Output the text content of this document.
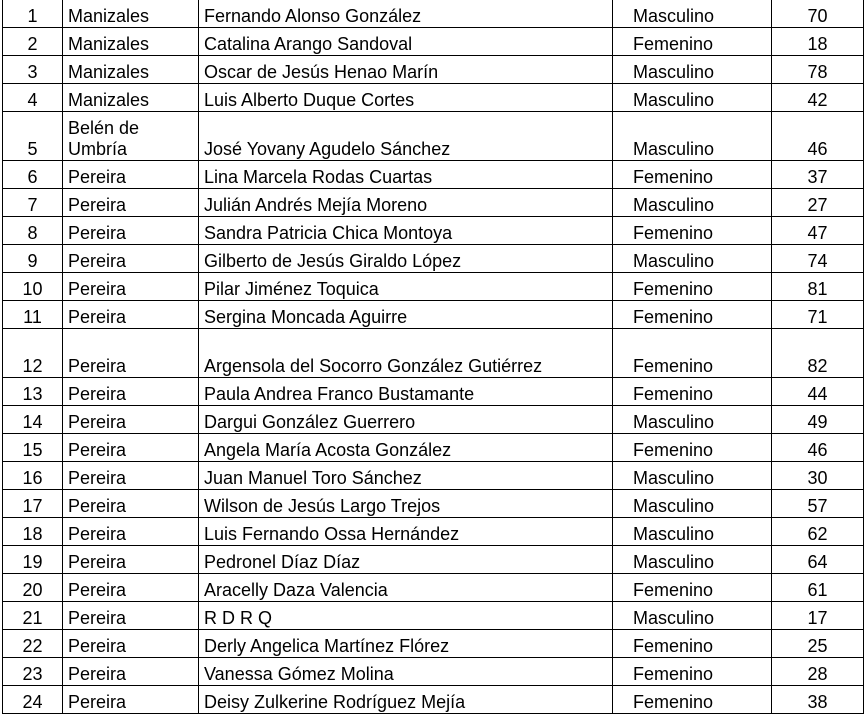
1	Manizales	Fernando Alonso González	Masculino	70
2	Manizales	Catalina Arango Sandoval	Femenino	18
3	Manizales	Oscar de Jesús Henao Marín	Masculino	78
4	Manizales	Luis Alberto Duque Cortes	Masculino	42
5	Belén de Umbría	José Yovany Agudelo Sánchez	Masculino	46
6	Pereira	Lina Marcela Rodas Cuartas	Femenino	37
7	Pereira	Julián Andrés Mejía Moreno	Masculino	27
8	Pereira	Sandra Patricia Chica Montoya	Femenino	47
9	Pereira	Gilberto de Jesús Giraldo López	Masculino	74
10	Pereira	Pilar Jiménez Toquica	Femenino	81
11	Pereira	Sergina Moncada Aguirre	Femenino	71
12	Pereira	Argensola del Socorro González Gutiérrez	Femenino	82
13	Pereira	Paula Andrea Franco Bustamante	Femenino	44
14	Pereira	Dargui González Guerrero	Masculino	49
15	Pereira	Angela María Acosta González	Femenino	46
16	Pereira	Juan Manuel Toro Sánchez	Masculino	30
17	Pereira	Wilson de Jesús Largo Trejos	Masculino	57
18	Pereira	Luis Fernando Ossa Hernández	Masculino	62
19	Pereira	Pedronel Díaz Díaz	Masculino	64
20	Pereira	Aracelly Daza Valencia	Femenino	61
21	Pereira	R D R Q	Masculino	17
22	Pereira	Derly Angelica Martínez Flórez	Femenino	25
23	Pereira	Vanessa Gómez Molina	Femenino	28
24	Pereira	Deisy Zulkerine Rodríguez Mejía	Femenino	38
